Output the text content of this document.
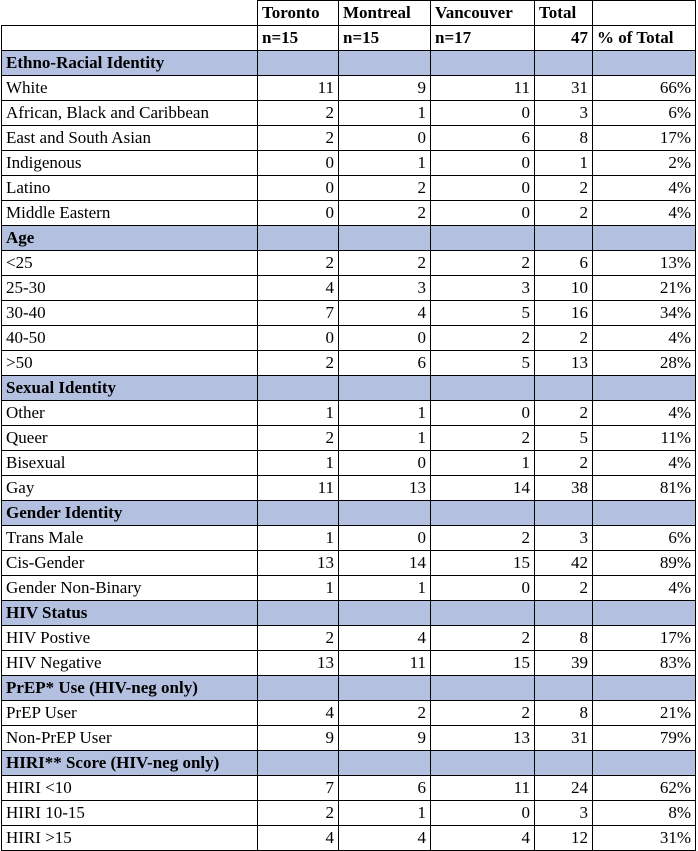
	Toronto	Montreal	Vancouver	Total	
	n=15	n=15	n=17	47	% of Total
Ethno-Racial Identity					
White	11	9	11	31	66%
African, Black and Caribbean	2	1	0	3	6%
East and South Asian	2	0	6	8	17%
Indigenous	0	1	0	1	2%
Latino	0	2	0	2	4%
Middle Eastern	0	2	0	2	4%
Age					
<25	2	2	2	6	13%
25-30	4	3	3	10	21%
30-40	7	4	5	16	34%
40-50	0	0	2	2	4%
>50	2	6	5	13	28%
Sexual Identity					
Other	1	1	0	2	4%
Queer	2	1	2	5	11%
Bisexual	1	0	1	2	4%
Gay	11	13	14	38	81%
Gender Identity					
Trans Male	1	0	2	3	6%
Cis-Gender	13	14	15	42	89%
Gender Non-Binary	1	1	0	2	4%
HIV Status					
HIV Postive	2	4	2	8	17%
HIV Negative	13	11	15	39	83%
PrEP* Use (HIV-neg only)					
PrEP User	4	2	2	8	21%
Non-PrEP User	9	9	13	31	79%
HIRI** Score (HIV-neg only)					
HIRI <10	7	6	11	24	62%
HIRI 10-15	2	1	0	3	8%
HIRI >15	4	4	4	12	31%
